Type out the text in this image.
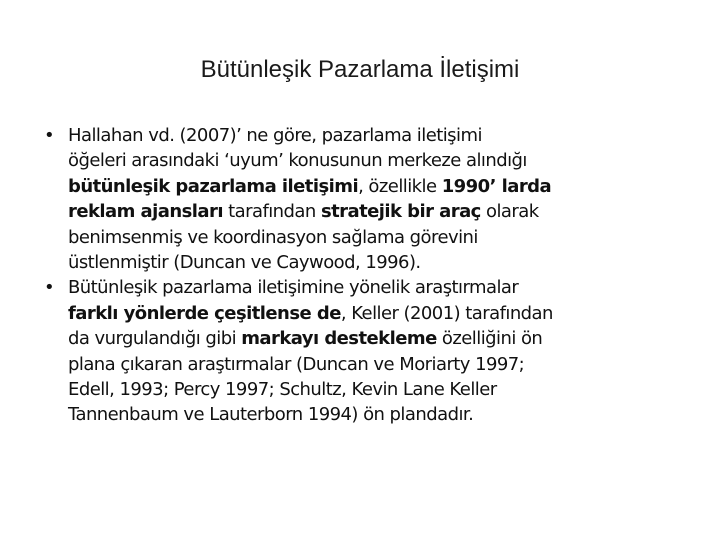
Bütünleşik Pazarlama İletişimi
• Hallahan vd. (2007)’ ne göre, pazarlama iletişimi
öğeleri arasındaki ‘uyum’ konusunun merkeze alındığı
bütünleşik pazarlama iletişimi, özellikle 1990’ larda
reklam ajansları tarafından stratejik bir araç olarak
benimsenmiş ve koordinasyon sağlama görevini
üstlenmiştir (Duncan ve Caywood, 1996).
• Bütünleşik pazarlama iletişimine yönelik araştırmalar
farklı yönlerde çeşitlense de, Keller (2001) tarafından
da vurgulandığı gibi markayı destekleme özelliğini ön
plana çıkaran araştırmalar (Duncan ve Moriarty 1997;
Edell, 1993; Percy 1997; Schultz, Kevin Lane Keller
Tannenbaum ve Lauterborn 1994) ön plandadır.
